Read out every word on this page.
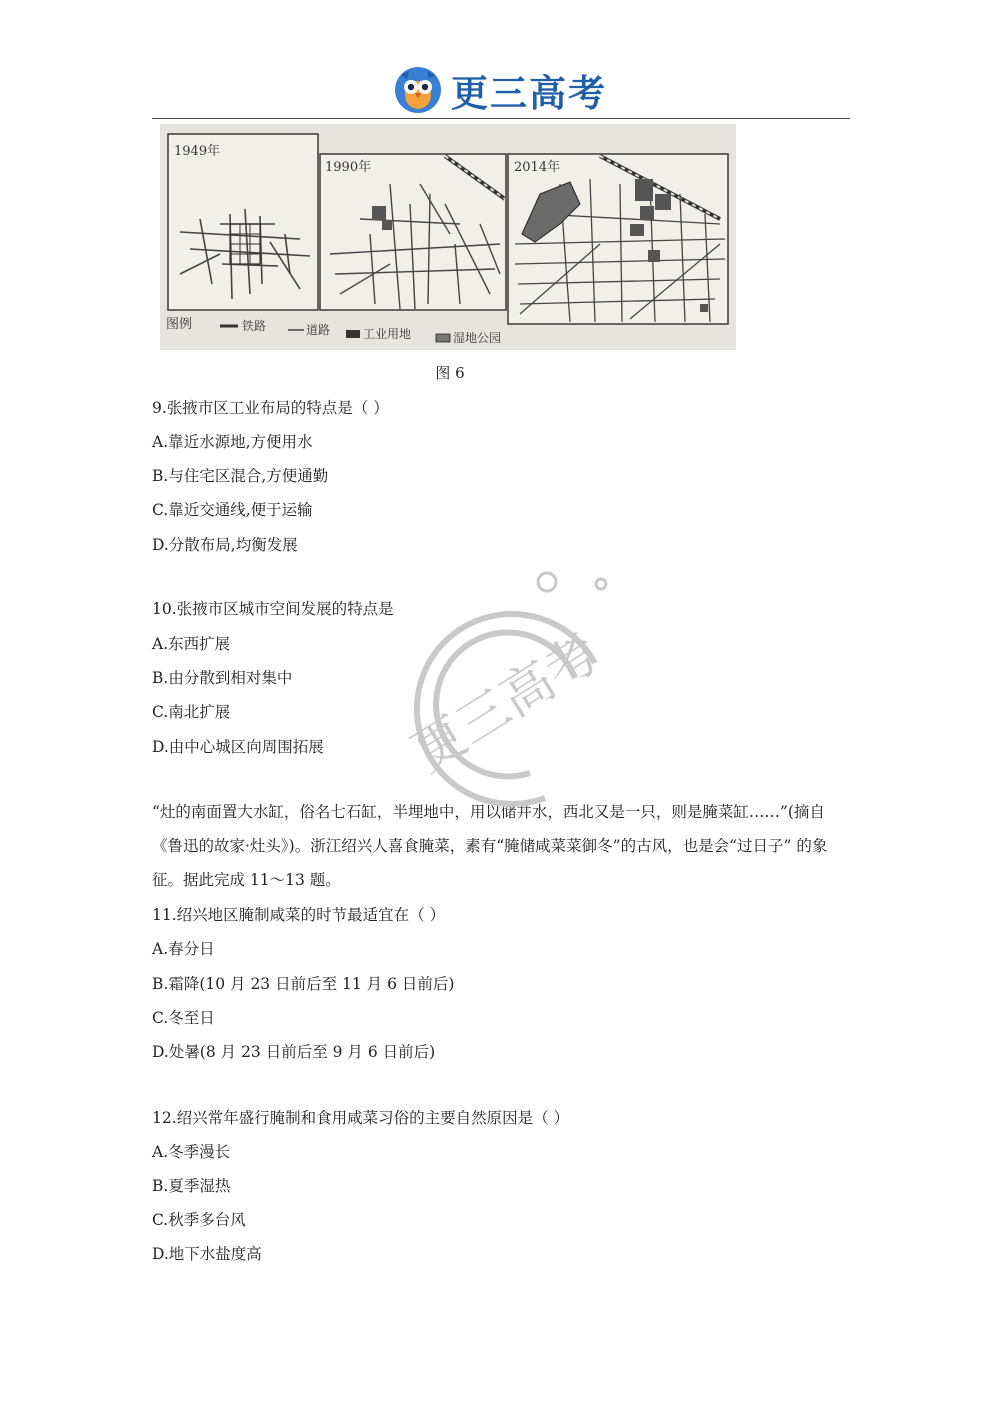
更三高考
1949年
1990年	2014年
图例	铁路	道路	工业用地	湿地公园
图 6
9.张掖市区工业布局的特点是（ ）
A.靠近水源地,方便用水
B.与住宅区混合,方便通勤
C.靠近交通线,便于运输
D.分散布局,均衡发展
10.张掖市区城市空间发展的特点是
A.东西扩展
B.由分散到相对集中
C.南北扩展
D.由中心城区向周围拓展
“灶的南面置大水缸，俗名七石缸，半埋地中，用以储井水，西北又是一只，则是腌菜缸……”(摘自《鲁迅的故家·灶头》)。浙江绍兴人喜食腌菜，素有“腌储咸菜菜御冬”的古风，也是会“过日子” 的象征。据此完成 11～13 题。
11.绍兴地区腌制咸菜的时节最适宜在（ ）
A.春分日
B.霜降(10 月 23 日前后至 11 月 6 日前后)
C.冬至日
D.处暑(8 月 23 日前后至 9 月 6 日前后)
12.绍兴常年盛行腌制和食用咸菜习俗的主要自然原因是（ ）
A.冬季漫长
B.夏季湿热
C.秋季多台风
D.地下水盐度高
更三高考
